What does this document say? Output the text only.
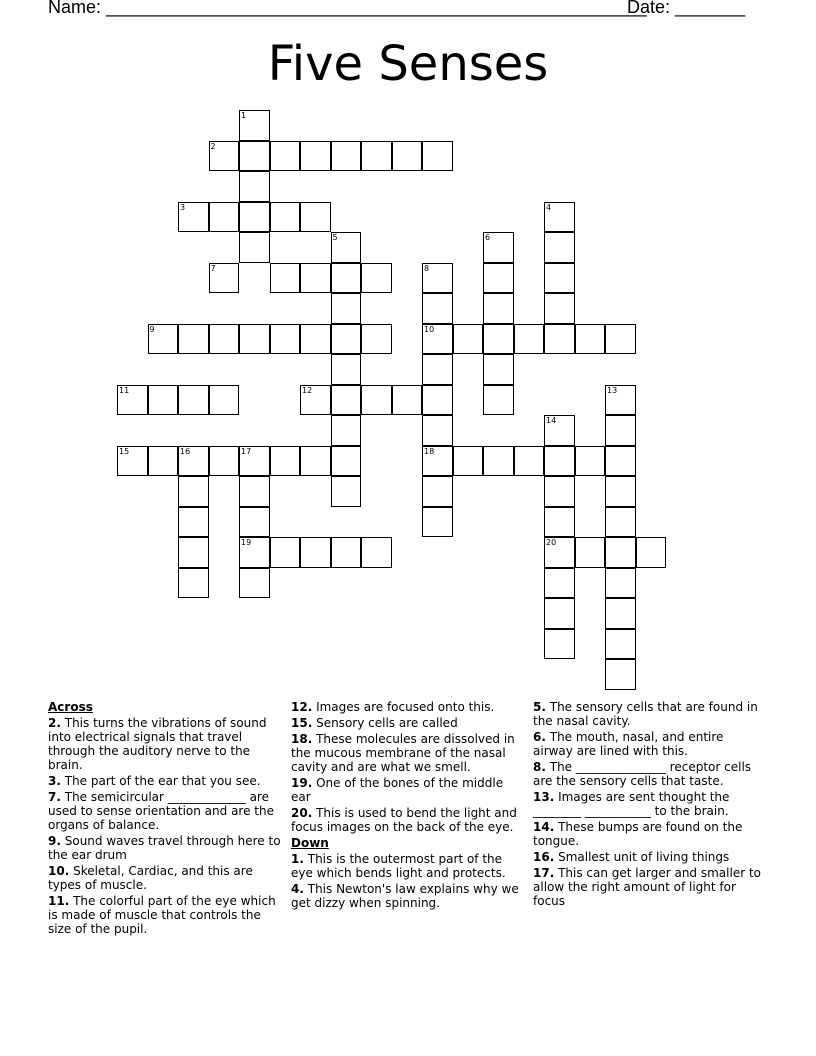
Name: ______________________________________________________
Date: _______
Five Senses
1
2
3	4
5	6
7	8
10
18
9
11	12	13
14
20
15	16	17
19
Across
2. This turns the vibrations of sound into electrical signals that travel through the auditory nerve to the brain.
3. The part of the ear that you see.
7. The semicircular _____________ are used to sense orientation and are the organs of balance.
9. Sound waves travel through here to the ear drum
10. Skeletal, Cardiac, and this are types of muscle.
11. The colorful part of the eye which is made of muscle that controls the size of the pupil.
12. Images are focused onto this.
15. Sensory cells are called
18. These molecules are dissolved in the mucous membrane of the nasal cavity and are what we smell.
19. One of the bones of the middle ear
20. This is used to bend the light and focus images on the back of the eye.
Down
1. This is the outermost part of the eye which bends light and protects.
4. This Newton's law explains why we get dizzy when spinning.
5. The sensory cells that are found in the nasal cavity.
6. The mouth, nasal, and entire airway are lined with this.
8. The _______________ receptor cells are the sensory cells that taste.
13. Images are sent thought the ________ ___________ to the brain.
14. These bumps are found on the tongue.
16. Smallest unit of living things
17. This can get larger and smaller to allow the right amount of light for focus
